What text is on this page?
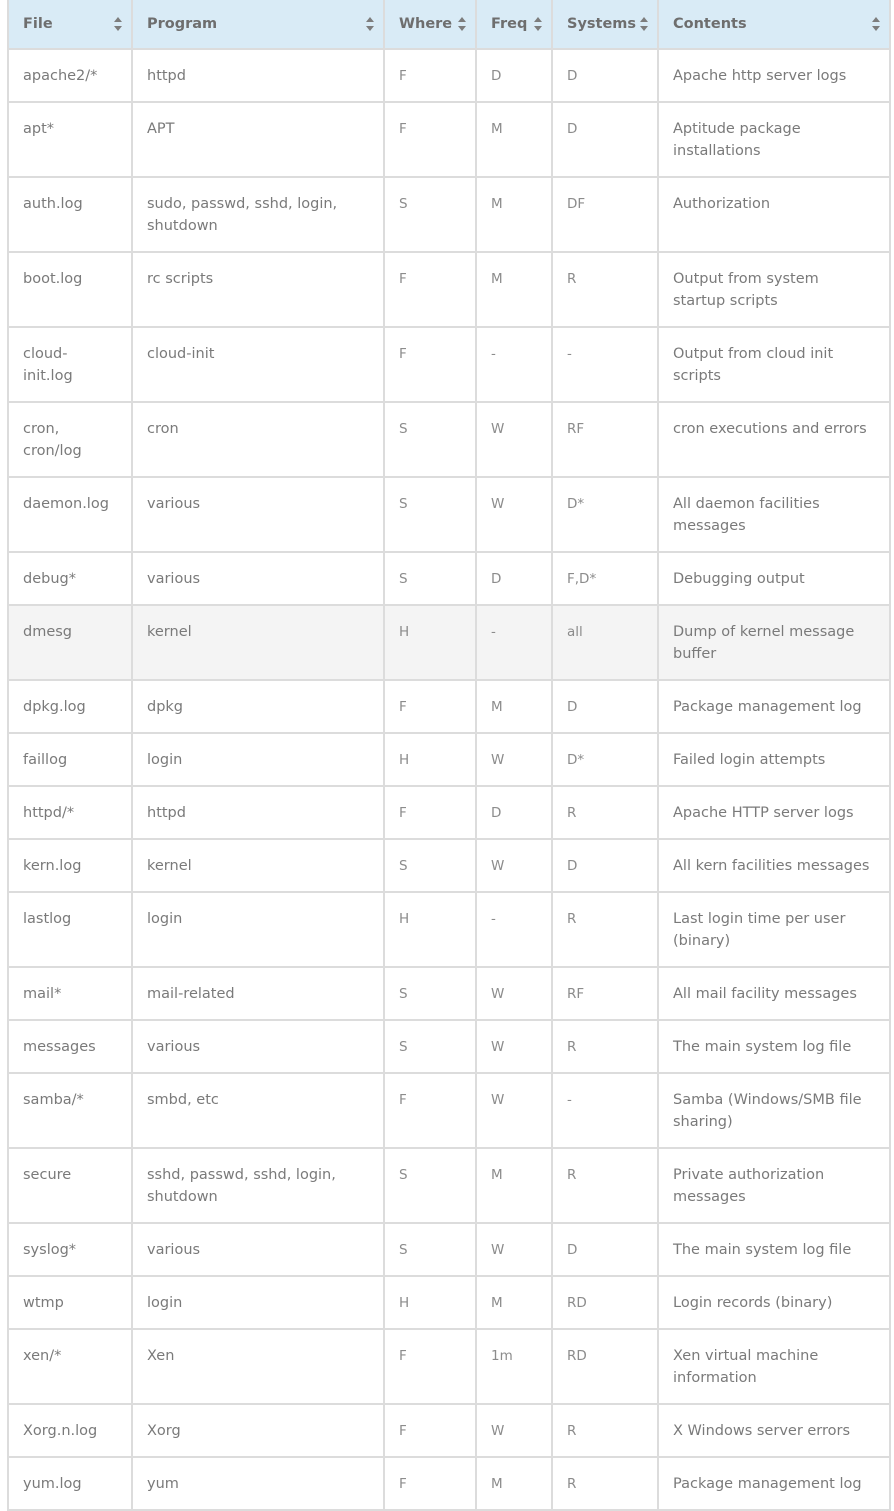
File	Program	Where	Freq	Systems	Contents

apache2/*	httpd	F	D	D	Apache http server logs
apt*	APT	F	M	D	Aptitude package installations
auth.log	sudo, passwd, sshd, login, shutdown	S	M	DF	Authorization
boot.log	rc scripts	F	M	R	Output from system startup scripts
cloud-init.log	cloud-init	F	-	-	Output from cloud init scripts
cron, cron/log	cron	S	W	RF	cron executions and errors
daemon.log	various	S	W	D*	All daemon facilities messages
debug*	various	S	D	F,D*	Debugging output
dmesg	kernel	H	-	all	Dump of kernel message buffer
dpkg.log	dpkg	F	M	D	Package management log
faillog	login	H	W	D*	Failed login attempts
httpd/*	httpd	F	D	R	Apache HTTP server logs
kern.log	kernel	S	W	D	All kern facilities messages
lastlog	login	H	-	R	Last login time per user (binary)
mail*	mail-related	S	W	RF	All mail facility messages
messages	various	S	W	R	The main system log file
samba/*	smbd, etc	F	W	-	Samba (Windows/SMB file sharing)
secure	sshd, passwd, sshd, login, shutdown	S	M	R	Private authorization messages
syslog*	various	S	W	D	The main system log file
wtmp	login	H	M	RD	Login records (binary)
xen/*	Xen	F	1m	RD	Xen virtual machine information
Xorg.n.log	Xorg	F	W	R	X Windows server errors
yum.log	yum	F	M	R	Package management log
